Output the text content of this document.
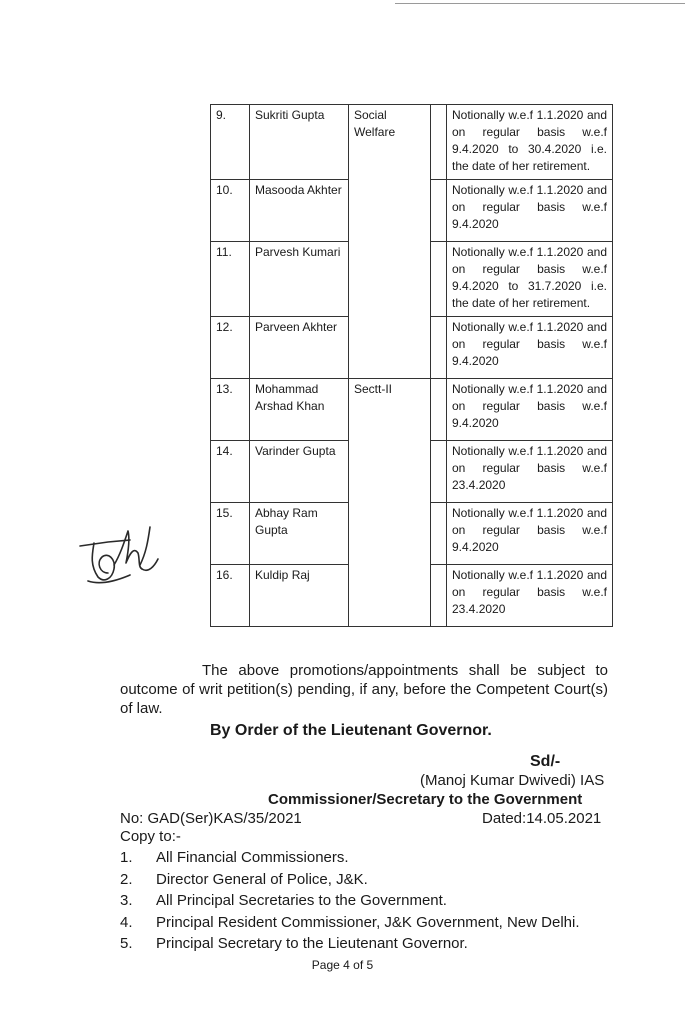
9.	Sukriti Gupta	Social Welfare		Notionally w.e.f 1.1.2020 and on regular basis w.e.f 9.4.2020 to 30.4.2020 i.e. the date of her retirement.
10.	Masooda Akhter			Notionally w.e.f 1.1.2020 and on regular basis w.e.f 9.4.2020
11.	Parvesh Kumari			Notionally w.e.f 1.1.2020 and on regular basis w.e.f 9.4.2020 to 31.7.2020 i.e. the date of her retirement.
12.	Parveen Akhter			Notionally w.e.f 1.1.2020 and on regular basis w.e.f 9.4.2020
13.	Mohammad Arshad Khan	Sectt-II		Notionally w.e.f 1.1.2020 and on regular basis w.e.f 9.4.2020
14.	Varinder Gupta			Notionally w.e.f 1.1.2020 and on regular basis w.e.f 23.4.2020
15.	Abhay Ram Gupta			Notionally w.e.f 1.1.2020 and on regular basis w.e.f 9.4.2020
16.	Kuldip Raj			Notionally w.e.f 1.1.2020 and on regular basis w.e.f 23.4.2020

The above promotions/appointments shall be subject to outcome of writ petition(s) pending, if any, before the Competent Court(s) of law.

By Order of the Lieutenant Governor.
Sd/-
(Manoj Kumar Dwivedi) IAS
Commissioner/Secretary to the Government
No: GAD(Ser)KAS/35/2021	Dated:14.05.2021
Copy to:-
1. All Financial Commissioners.
2. Director General of Police, J&K.
3. All Principal Secretaries to the Government.
4. Principal Resident Commissioner, J&K Government, New Delhi.
5. Principal Secretary to the Lieutenant Governor.
Page 4 of 5
